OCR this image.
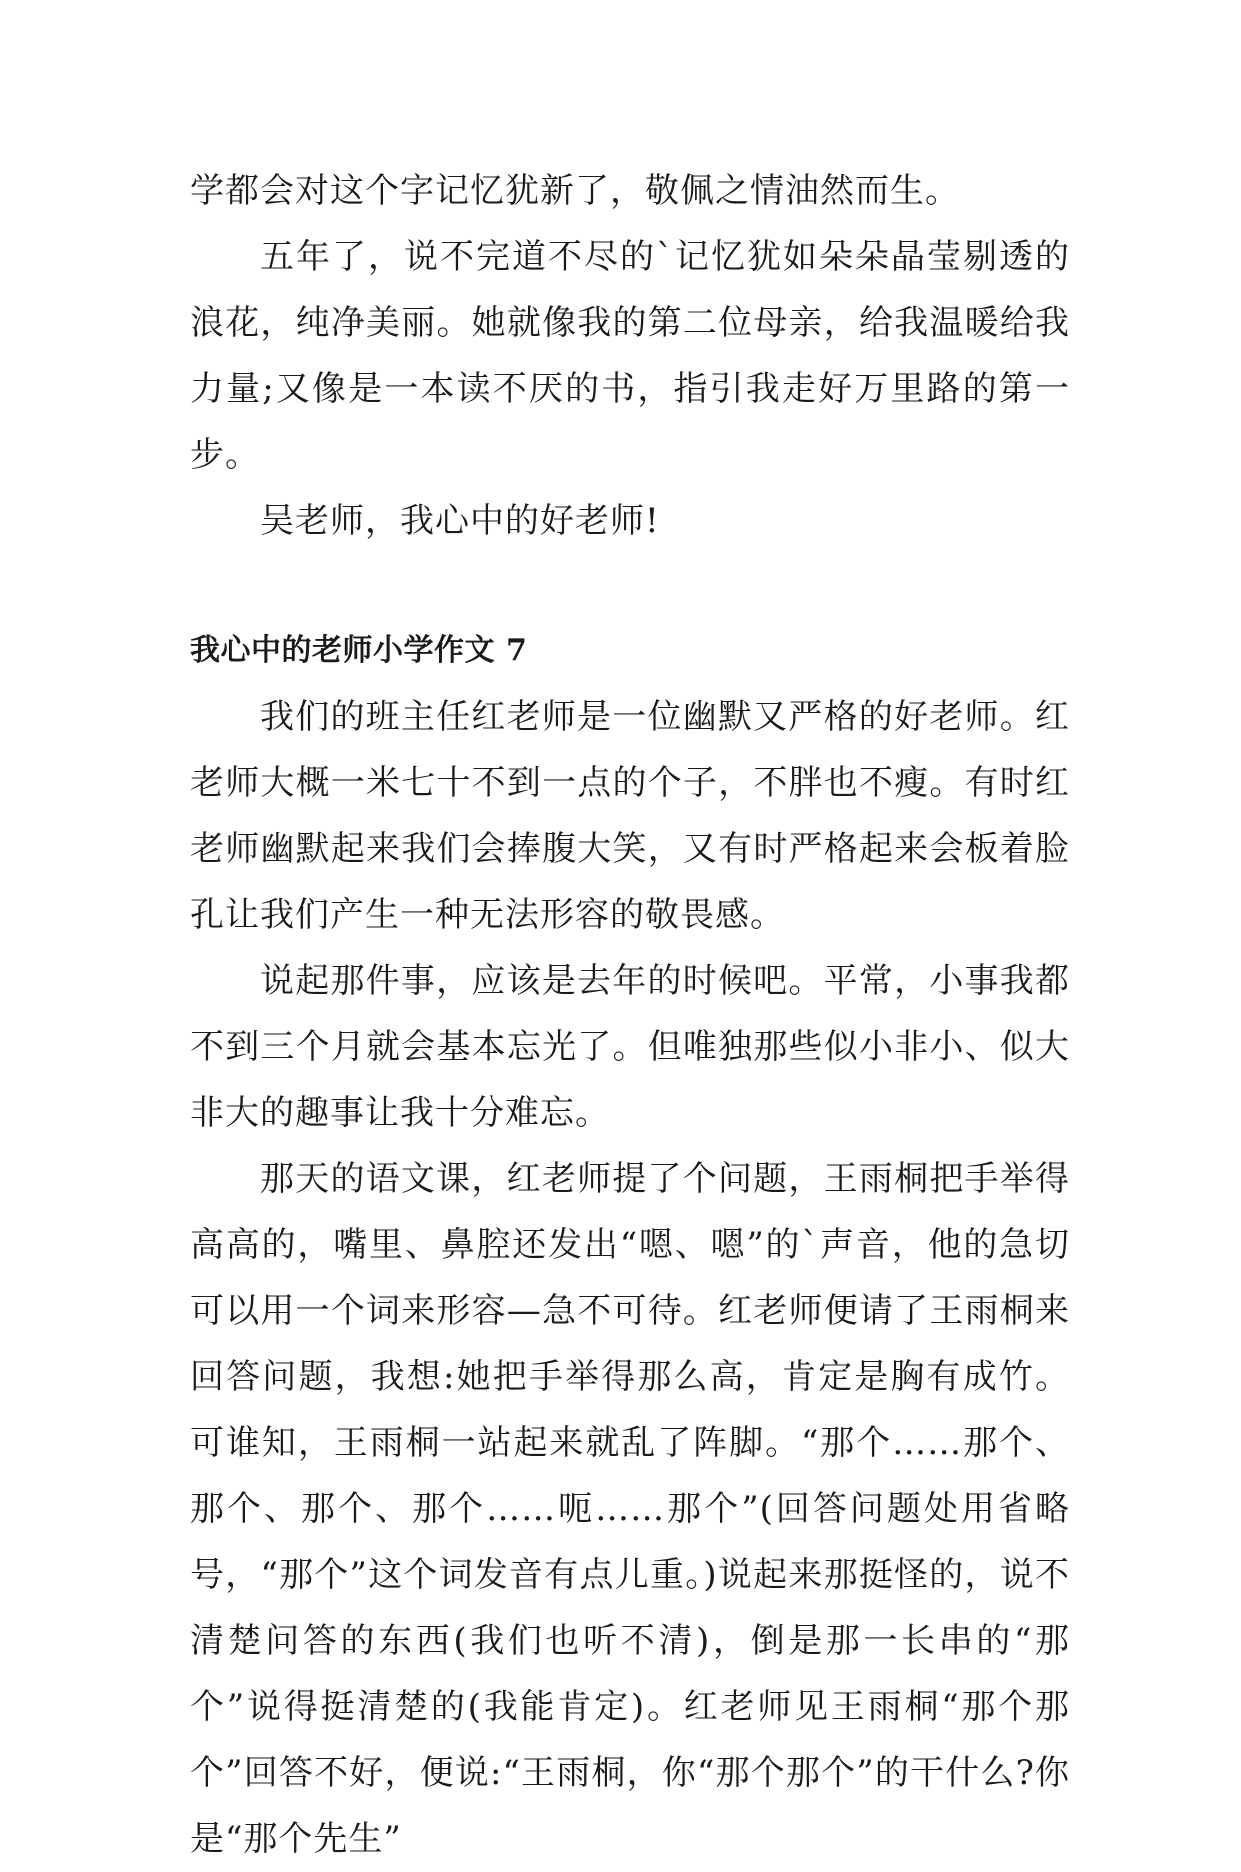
学都会对这个字记忆犹新了，敬佩之情油然而生。

五年了，说不完道不尽的`记忆犹如朵朵晶莹剔透的浪花，纯净美丽。她就像我的第二位母亲，给我温暖给我力量;又像是一本读不厌的书，指引我走好万里路的第一步。

吴老师，我心中的好老师!

我心中的老师小学作文 7

我们的班主任红老师是一位幽默又严格的好老师。红老师大概一米七十不到一点的个子，不胖也不瘦。有时红老师幽默起来我们会捧腹大笑，又有时严格起来会板着脸孔让我们产生一种无法形容的敬畏感。

说起那件事，应该是去年的时候吧。平常，小事我都不到三个月就会基本忘光了。但唯独那些似小非小、似大非大的趣事让我十分难忘。

那天的语文课，红老师提了个问题，王雨桐把手举得高高的，嘴里、鼻腔还发出“嗯、嗯”的`声音，他的急切可以用一个词来形容—急不可待。红老师便请了王雨桐来回答问题，我想:她把手举得那么高，肯定是胸有成竹。可谁知，王雨桐一站起来就乱了阵脚。“那个……那个、那个、那个、那个……呃……那个”(回答问题处用省略号，“那个”这个词发音有点儿重。)说起来那挺怪的，说不清楚问答的东西(我们也听不清)，倒是那一长串的“那个”说得挺清楚的(我能肯定)。红老师见王雨桐“那个那个”回答不好，便说:“王雨桐，你“那个那个”的干什么?你是“那个先生”
